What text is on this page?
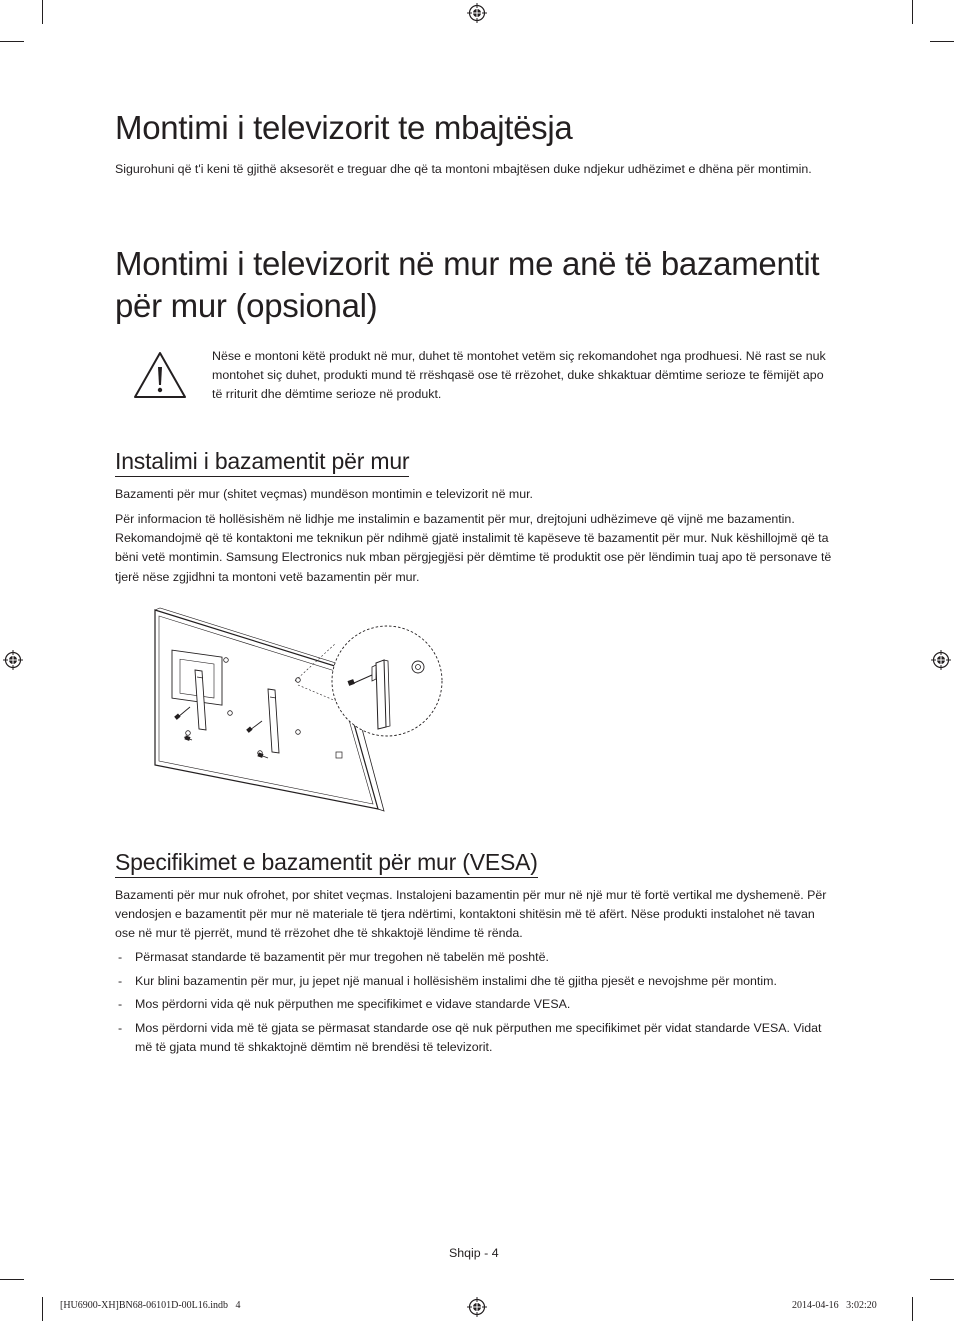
Montimi i televizorit te mbajtësja

Sigurohuni që t'i keni të gjithë aksesorët e treguar dhe që ta montoni mbajtësen duke ndjekur udhëzimet e dhëna për montimin.

Montimi i televizorit në mur me anë të bazamentit
për mur (opsional)

Nëse e montoni këtë produkt në mur, duhet të montohet vetëm siç rekomandohet nga prodhuesi. Në rast se nuk montohet siç duhet, produkti mund të rrëshqasë ose të rrëzohet, duke shkaktuar dëmtime serioze te fëmijët apo të rriturit dhe dëmtime serioze në produkt.

Instalimi i bazamentit për mur

Bazamenti për mur (shitet veçmas) mundëson montimin e televizorit në mur.

Për informacion të hollësishëm në lidhje me instalimin e bazamentit për mur, drejtojuni udhëzimeve që vijnë me bazamentin. Rekomandojmë që të kontaktoni me teknikun për ndihmë gjatë instalimit të kapëseve të bazamentit për mur. Nuk këshillojmë që ta bëni vetë montimin. Samsung Electronics nuk mban përgjegjësi për dëmtime të produktit ose për lëndimin tuaj apo të personave të tjerë nëse zgjidhni ta montoni vetë bazamentin për mur.

Specifikimet e bazamentit për mur (VESA)

Bazamenti për mur nuk ofrohet, por shitet veçmas. Instalojeni bazamentin për mur në një mur të fortë vertikal me dyshemenë. Për vendosjen e bazamentit për mur në materiale të tjera ndërtimi, kontaktoni shitësin më të afërt. Nëse produkti instalohet në tavan ose në mur të pjerrët, mund të rrëzohet dhe të shkaktojë lëndime të rënda.

- Përmasat standarde të bazamentit për mur tregohen në tabelën më poshtë.
- Kur blini bazamentin për mur, ju jepet një manual i hollësishëm instalimi dhe të gjitha pjesët e nevojshme për montim.
- Mos përdorni vida që nuk përputhen me specifikimet e vidave standarde VESA.
- Mos përdorni vida më të gjata se përmasat standarde ose që nuk përputhen me specifikimet për vidat standarde VESA. Vidat më të gjata mund të shkaktojnë dëmtim në brendësi të televizorit.
Shqip - 4
[HU6900-XH]BN68-06101D-00L16.indb   4	2014-04-16   3:02:20
